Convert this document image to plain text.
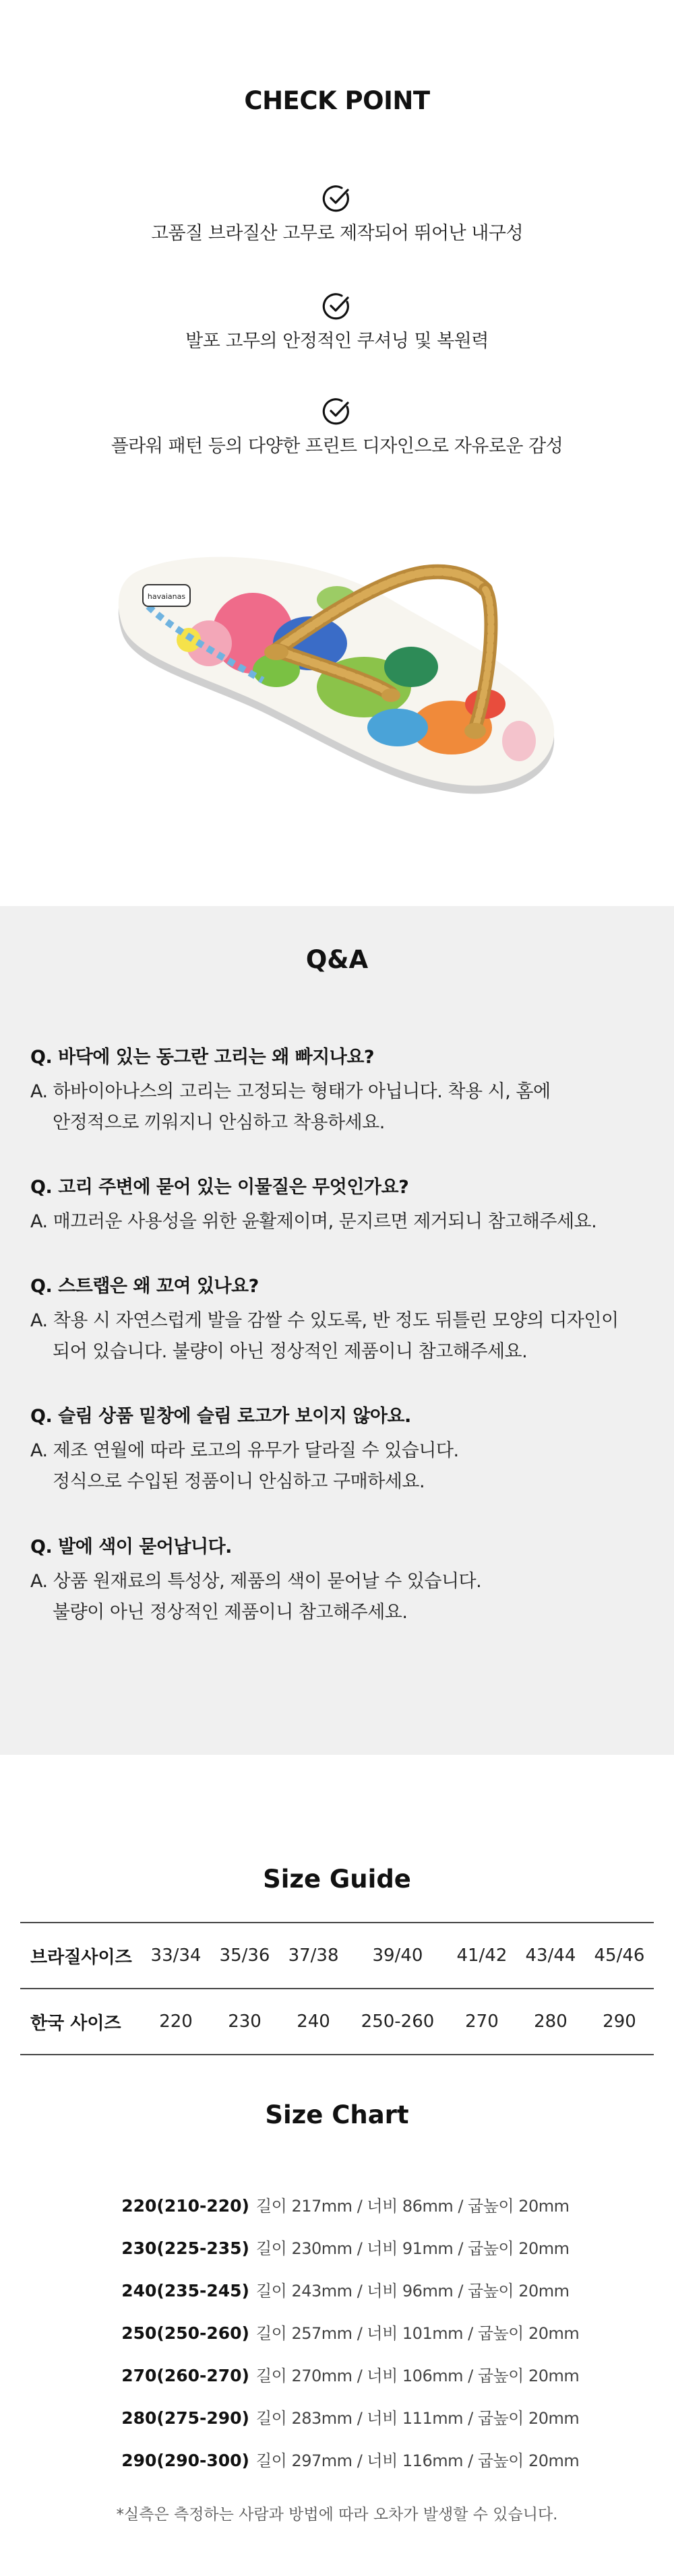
CHECK POINT
고품질 브라질산 고무로 제작되어 뛰어난 내구성
발포 고무의 안정적인 쿠셔닝 및 복원력
플라워 패턴 등의 다양한 프린트 디자인으로 자유로운 감성
havaianas
Q&A
Q. 바닥에 있는 동그란 고리는 왜 빠지나요?
A. 하바이아나스의 고리는 고정되는 형태가 아닙니다. 착용 시, 홈에
안정적으로 끼워지니 안심하고 착용하세요.
Q. 고리 주변에 묻어 있는 이물질은 무엇인가요?
A. 매끄러운 사용성을 위한 윤활제이며, 문지르면 제거되니 참고해주세요.
Q. 스트랩은 왜 꼬여 있나요?
A. 착용 시 자연스럽게 발을 감쌀 수 있도록, 반 정도 뒤틀린 모양의 디자인이
되어 있습니다. 불량이 아닌 정상적인 제품이니 참고해주세요.
Q. 슬림 상품 밑창에 슬림 로고가 보이지 않아요.
A. 제조 연월에 따라 로고의 유무가 달라질 수 있습니다.
정식으로 수입된 정품이니 안심하고 구매하세요.
Q. 발에 색이 묻어납니다.
A. 상품 원재료의 특성상, 제품의 색이 묻어날 수 있습니다.
불량이 아닌 정상적인 제품이니 참고해주세요.
Size Guide
브라질사이즈	33/34	35/36	37/38	39/40	41/42	43/44	45/46
한국 사이즈	220	230	240	250-260	270	280	290
Size Chart
220(210-220) 길이 217mm / 너비 86mm / 굽높이 20mm
230(225-235) 길이 230mm / 너비 91mm / 굽높이 20mm
240(235-245) 길이 243mm / 너비 96mm / 굽높이 20mm
250(250-260) 길이 257mm / 너비 101mm / 굽높이 20mm
270(260-270) 길이 270mm / 너비 106mm / 굽높이 20mm
280(275-290) 길이 283mm / 너비 111mm / 굽높이 20mm
290(290-300) 길이 297mm / 너비 116mm / 굽높이 20mm
*실측은 측정하는 사람과 방법에 따라 오차가 발생할 수 있습니다.
